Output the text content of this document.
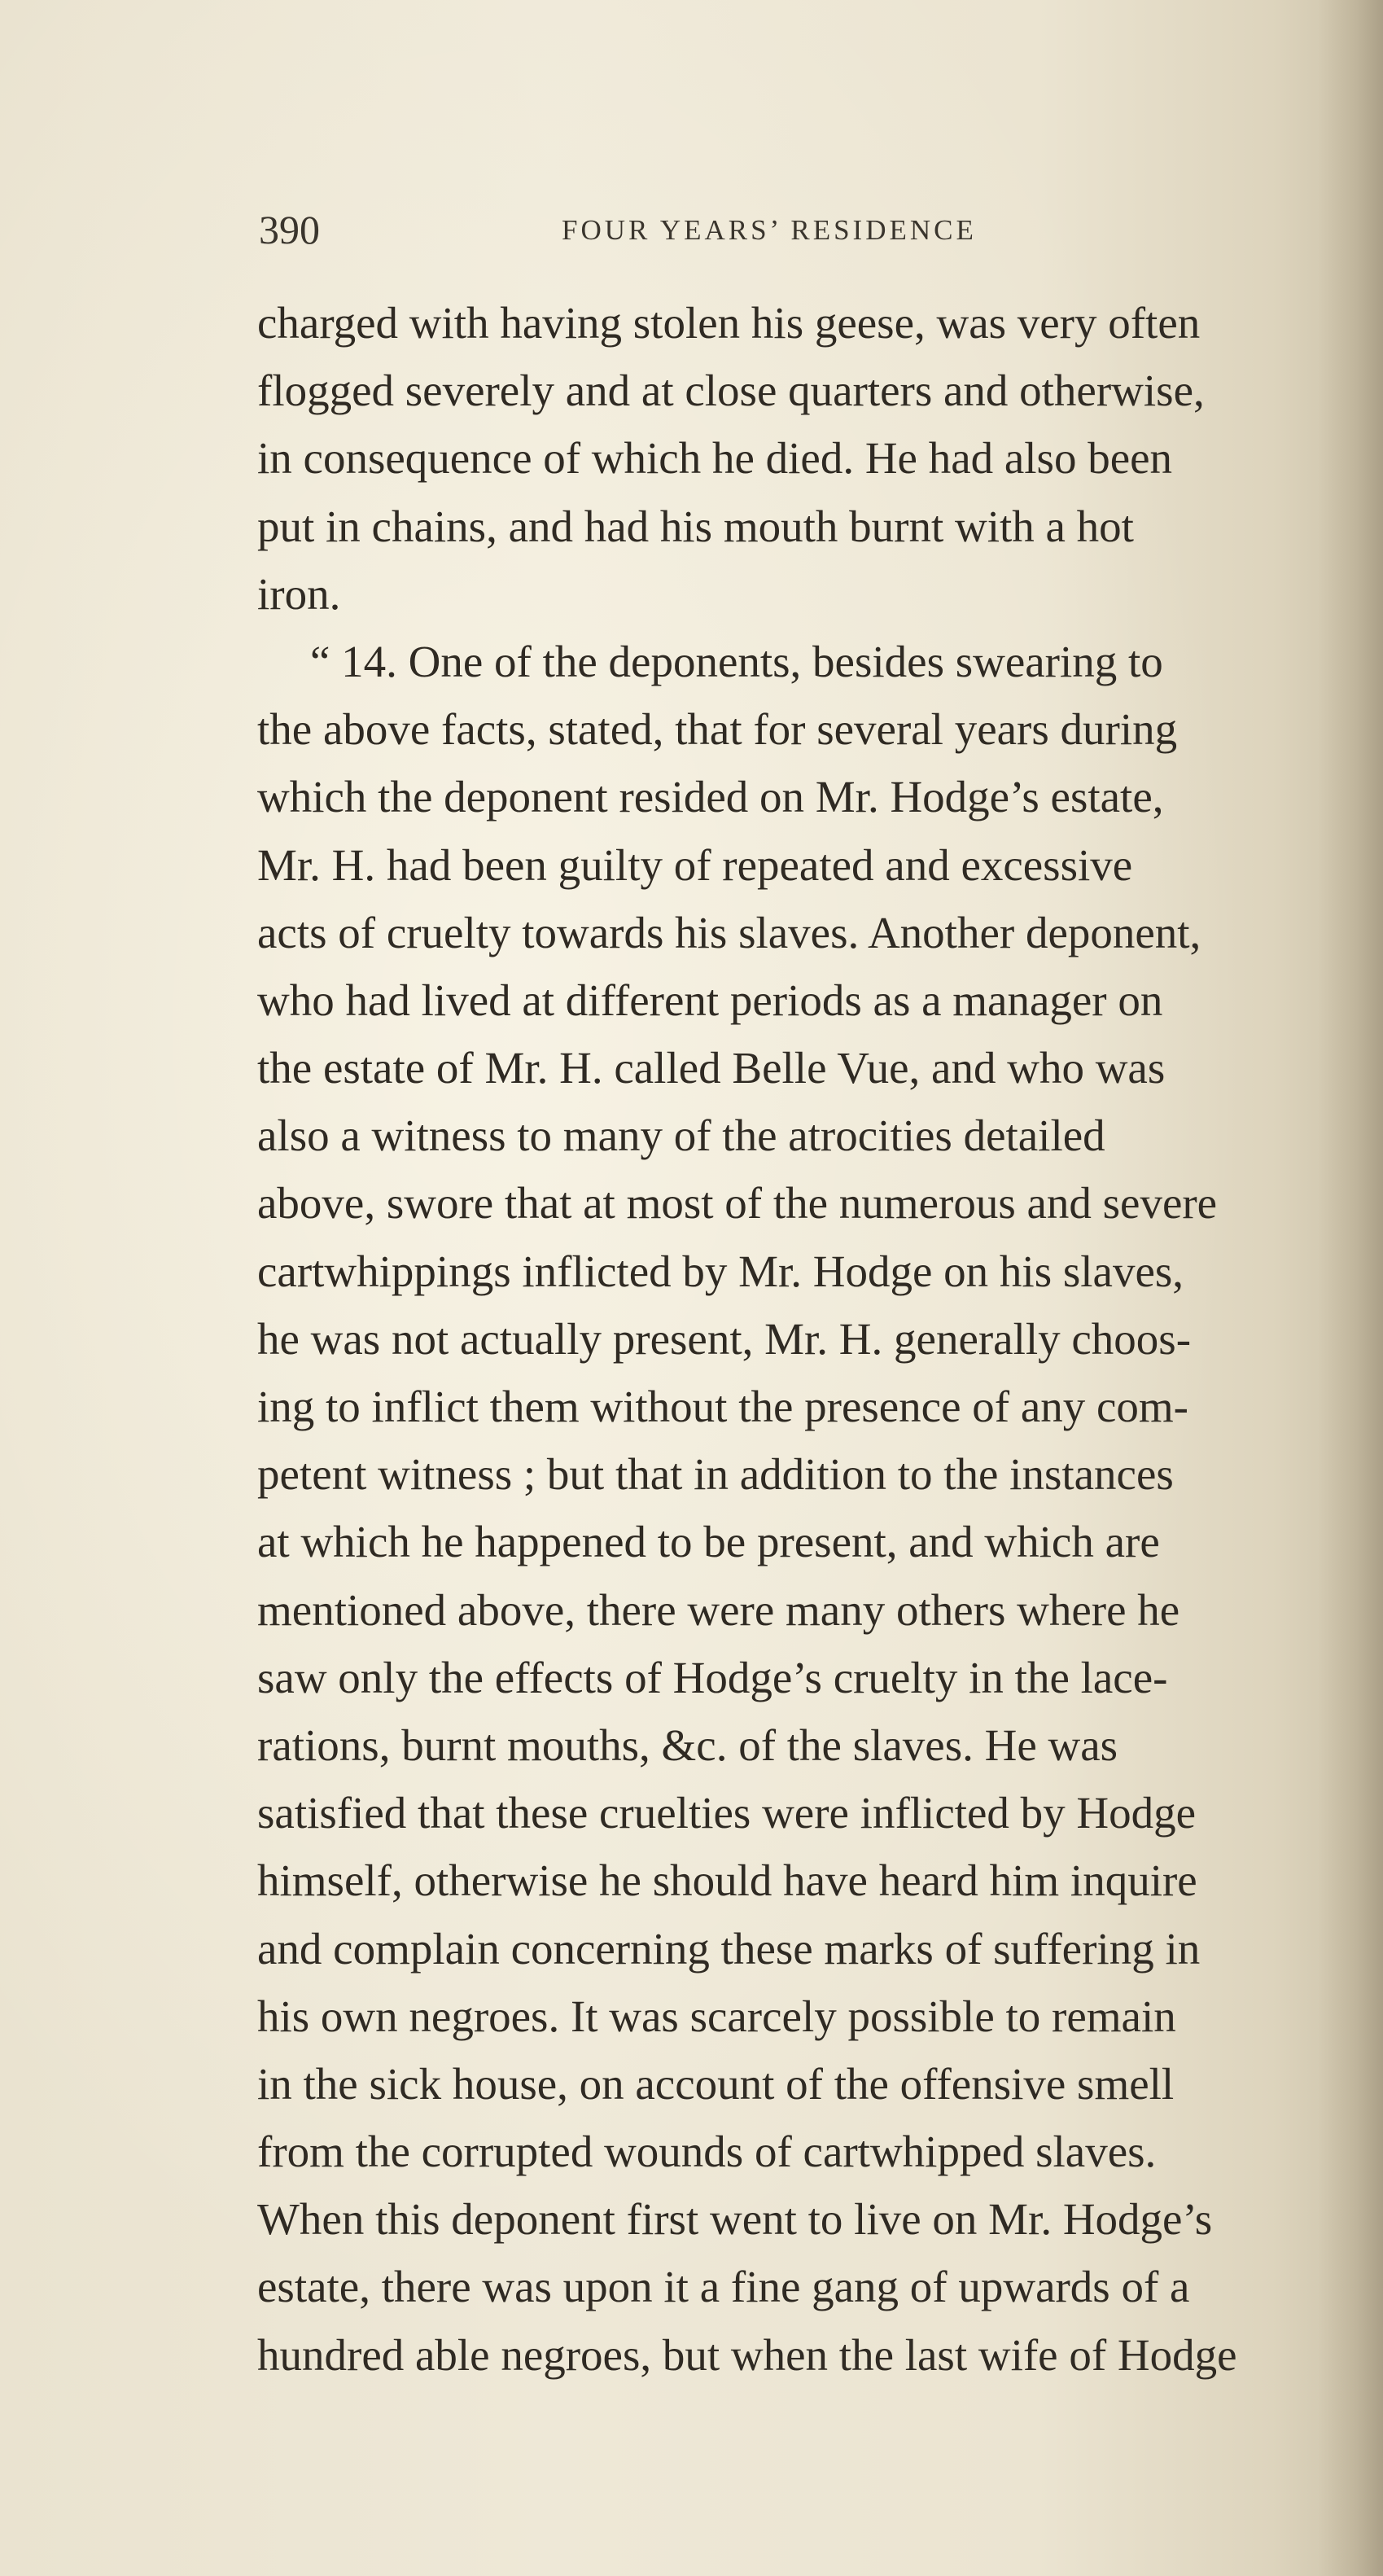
390	FOUR YEARS’ RESIDENCE
charged with having stolen his geese, was very often
flogged severely and at close quarters and otherwise,
in consequence of which he died. He had also been
put in chains, and had his mouth burnt with a hot
iron.
“ 14. One of the deponents, besides swearing to
the above facts, stated, that for several years during
which the deponent resided on Mr. Hodge’s estate,
Mr. H. had been guilty of repeated and excessive
acts of cruelty towards his slaves. Another deponent,
who had lived at different periods as a manager on
the estate of Mr. H. called Belle Vue, and who was
also a witness to many of the atrocities detailed
above, swore that at most of the numerous and severe
cartwhippings inflicted by Mr. Hodge on his slaves,
he was not actually present, Mr. H. generally choos-
ing to inflict them without the presence of any com-
petent witness ; but that in addition to the instances
at which he happened to be present, and which are
mentioned above, there were many others where he
saw only the effects of Hodge’s cruelty in the lace-
rations, burnt mouths, &c. of the slaves. He was
satisfied that these cruelties were inflicted by Hodge
himself, otherwise he should have heard him inquire
and complain concerning these marks of suffering in
his own negroes. It was scarcely possible to remain
in the sick house, on account of the offensive smell
from the corrupted wounds of cartwhipped slaves.
When this deponent first went to live on Mr. Hodge’s
estate, there was upon it a fine gang of upwards of a
hundred able negroes, but when the last wife of Hodge
